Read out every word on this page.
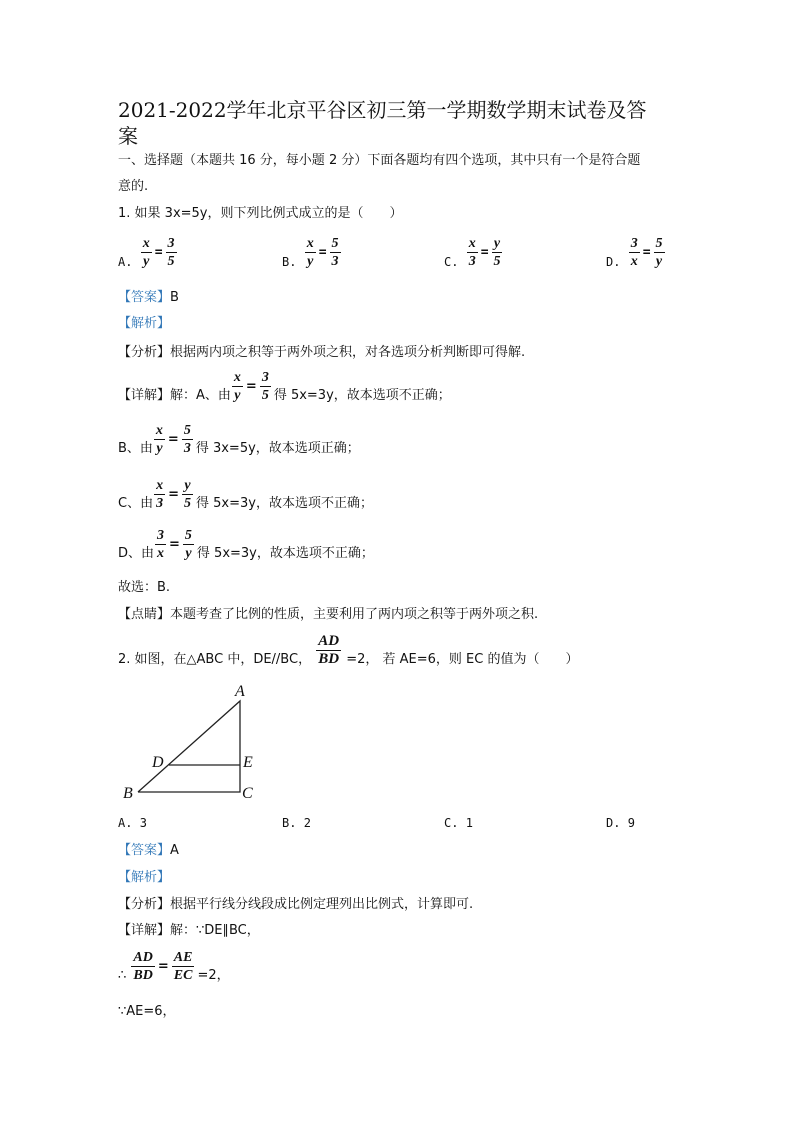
2021-2022学年北京平谷区初三第一学期数学期末试卷及答
案
一、选择题（本题共 16 分，每小题 2 分）下面各题均有四个选项，其中只有一个是符合题
意的.
1. 如果 3x=5y，则下列比例式成立的是（　　）
A. $\frac{x}{y} = \frac{3}{5}$	B. $\frac{x}{y} = \frac{5}{3}$	C. $\frac{x}{3} = \frac{y}{5}$	D. $\frac{3}{x} = \frac{5}{y}$
【答案】B
【解析】
【分析】根据两内项之积等于两外项之积，对各选项分析判断即可得解.
【详解】解：A、由 $\frac{x}{y} = \frac{3}{5}$ 得 5x=3y，故本选项不正确；
B、由 $\frac{x}{y} = \frac{5}{3}$ 得 3x=5y，故本选项正确；
C、由 $\frac{x}{3} = \frac{y}{5}$ 得 5x=3y，故本选项不正确；
D、由 $\frac{3}{x} = \frac{5}{y}$ 得 5x=3y，故本选项不正确；
故选：B.
【点睛】本题考查了比例的性质，主要利用了两内项之积等于两外项之积.
2. 如图，在△ABC 中，DE//BC， $\frac{AD}{BD} =2$， 若 AE=6，则 EC 的值为（　　）
A
D	E
B	C
A. 3	B. 2	C. 1	D. 9
【答案】A
【解析】
【分析】根据平行线分线段成比例定理列出比例式，计算即可.
【详解】解：∵DE∥BC，
∴ $\frac{AD}{BD} = \frac{AE}{EC} =2$，
∵AE=6，
